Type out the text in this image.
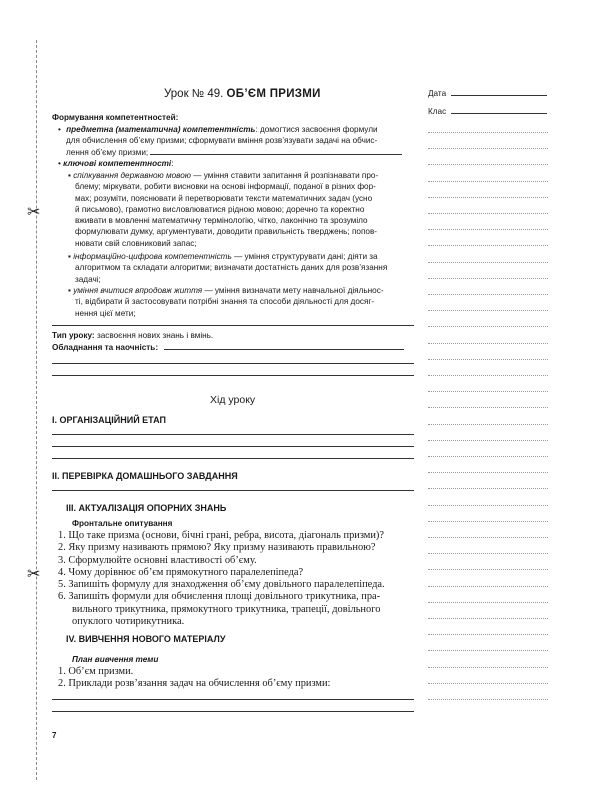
✂
✂
Дата
Клас
Урок № 49. ОБ’ЄМ ПРИЗМИ
Формування компетентностей:
• предметна (математична) компетентність: домогтися засвоєння формули
для обчислення об’єму призми; сформувати вміння розв’язувати задачі на обчис-
лення об’єму призми;
• ключові компетентності:
▪ спілкування державною мовою — уміння ставити запитання й розпізнавати про-
блему; міркувати, робити висновки на основі інформації, поданої в різних фор-
мах; розуміти, пояснювати й перетворювати тексти математичних задач (усно
й письмово), грамотно висловлюватися рідною мовою; доречно та коректно
вживати в мовленні математичну термінологію, чітко, лаконічно та зрозуміло
формулювати думку, аргументувати, доводити правильність тверджень; попов-
нювати свій словниковий запас;
▪ інформаційно-цифрова компетентність — уміння структурувати дані; діяти за
алгоритмом та складати алгоритми; визначати достатність даних для розв’язання
задачі;
▪ уміння вчитися впродовж життя — уміння визначати мету навчальної діяльнос-
ті, відбирати й застосовувати потрібні знання та способи діяльності для досяг-
нення цієї мети;
Тип уроку: засвоєння нових знань і вмінь.
Обладнання та наочність:
Хід уроку
I. ОРГАНІЗАЦІЙНИЙ ЕТАП
II. ПЕРЕВІРКА ДОМАШНЬОГО ЗАВДАННЯ
III. АКТУАЛІЗАЦІЯ ОПОРНИХ ЗНАНЬ
Фронтальне опитування
1. Що таке призма (основи, бічні грані, ребра, висота, діагональ призми)?
2. Яку призму називають прямою? Яку призму називають правильною?
3. Сформулюйте основні властивості об’єму.
4. Чому дорівнює об’єм прямокутного паралелепіпеда?
5. Запишіть формулу для знаходження об’єму довільного паралелепіпеда.
6. Запишіть формули для обчислення площі довільного трикутника, пра-
вильного трикутника, прямокутного трикутника, трапеції, довільного
опуклого чотирикутника.
IV. ВИВЧЕННЯ НОВОГО МАТЕРІАЛУ
План вивчення теми
1. Об’єм призми.
2. Приклади розв’язання задач на обчислення об’єму призми:
7
